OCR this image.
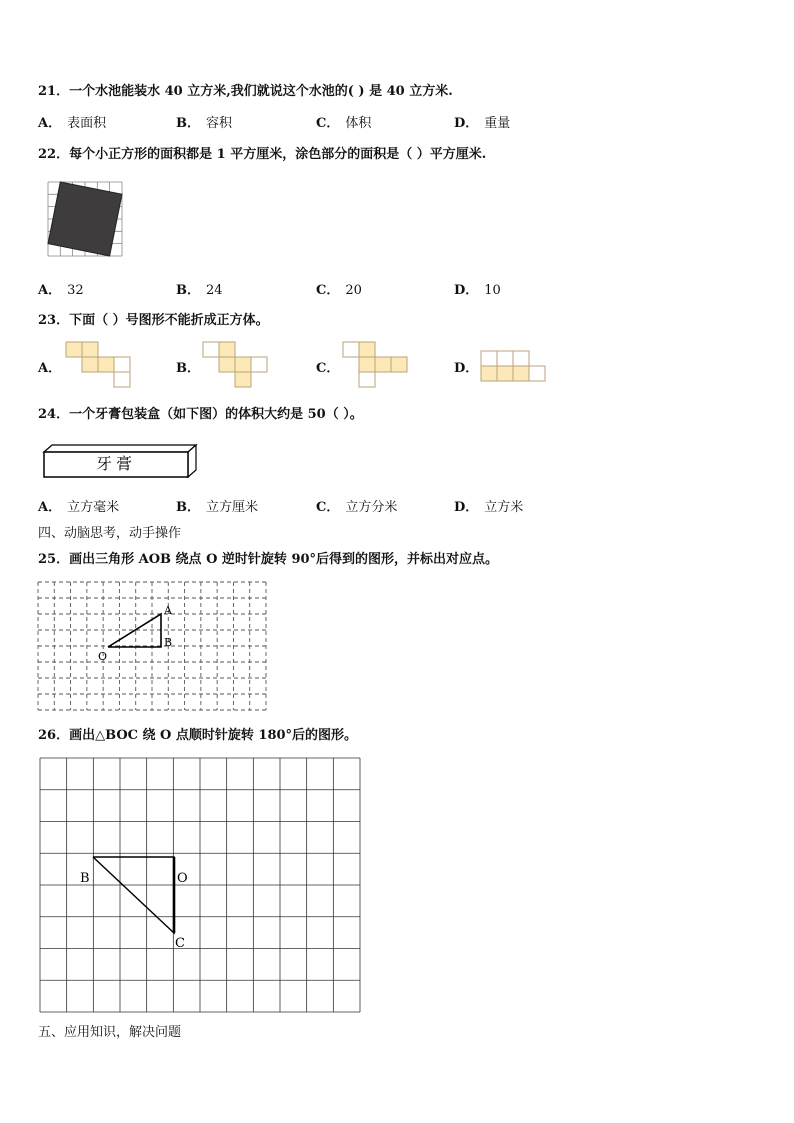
21．一个水池能装水 40 立方米,我们就说这个水池的( ) 是 40 立方米.
A． 表面积	B． 容积	C． 体积	D． 重量
22．每个小正方形的面积都是 1 平方厘米，涂色部分的面积是（ ）平方厘米.
A． 32	B． 24	C． 20	D． 10
23．下面（ ）号图形不能折成正方体。
A．	B．	C．	D．
24．一个牙膏包装盒（如下图）的体积大约是 50（ ）。
牙膏
A． 立方毫米	B． 立方厘米	C． 立方分米	D． 立方米
四、动脑思考，动手操作
25．画出三角形 AOB 绕点 O 逆时针旋转 90°后得到的图形，并标出对应点。
A
B
O
26．画出△BOC 绕 O 点顺时针旋转 180°后的图形。
B	O
C
五、应用知识，解决问题
